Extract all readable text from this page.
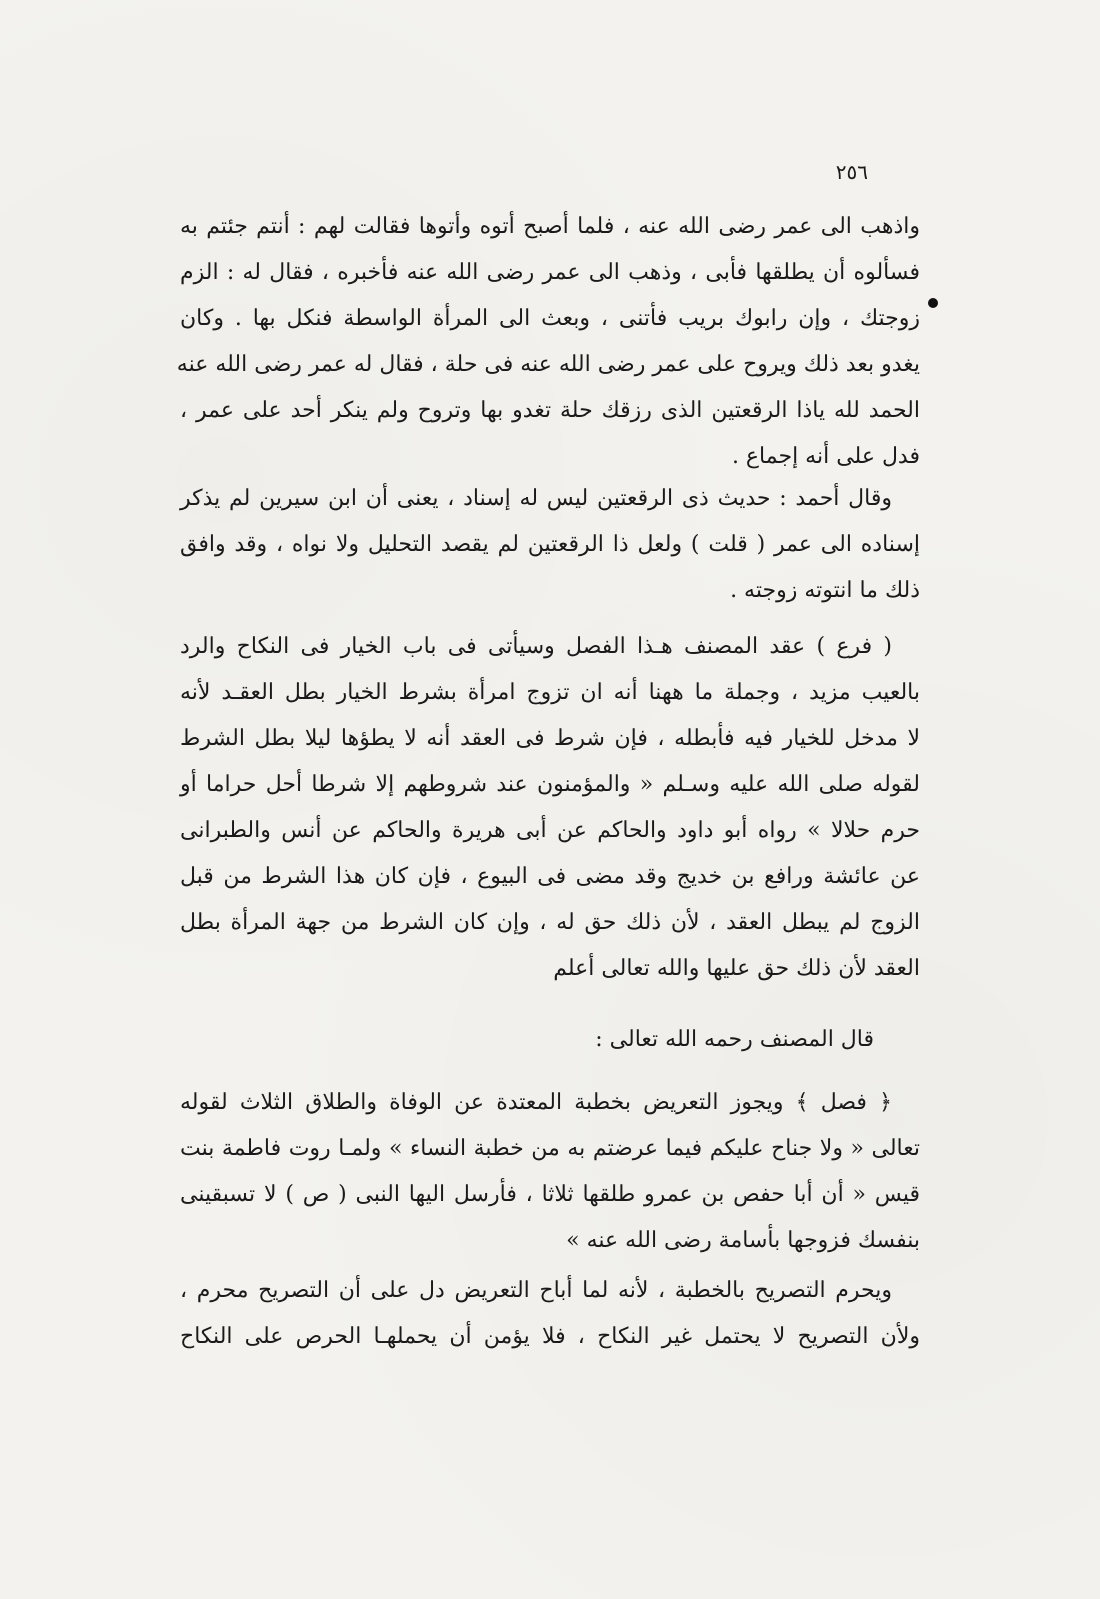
٢٥٦
واذهب الى عمر رضى الله عنه ، فلما أصبح أتوه وأتوها فقالت لهم : أنتم جئتم به
فسألوه أن يطلقها فأبى ، وذهب الى عمر رضى الله عنه فأخبره ، فقال له : الزم
زوجتك ، وإن رابوك بريب فأتنى ، وبعث الى المرأة الواسطة فنكل بها . وكان
يغدو بعد ذلك ويروح على عمر رضى الله عنه فى حلة ، فقال له عمر رضى الله عنه
الحمد لله ياذا الرقعتين الذى رزقك حلة تغدو بها وتروح ولم ينكر أحد على عمر ،
فدل على أنه إجماع .
وقال أحمد : حديث ذى الرقعتين ليس له إسناد ، يعنى أن ابن سيرين لم يذكر
إسناده الى عمر ( قلت ) ولعل ذا الرقعتين لم يقصد التحليل ولا نواه ، وقد وافق
ذلك ما انتوته زوجته .
( فرع ) عقد المصنف هـذا الفصل وسيأتى فى باب الخيار فى النكاح والرد
بالعيب مزيد ، وجملة ما ههنا أنه ان تزوج امرأة بشرط الخيار بطل العقـد لأنه
لا مدخل للخيار فيه فأبطله ، فإن شرط فى العقد أنه لا يطؤها ليلا بطل الشرط
لقوله صلى الله عليه وسـلم « والمؤمنون عند شروطهم إلا شرطا أحل حراما أو
حرم حلالا » رواه أبو داود والحاكم عن أبى هريرة والحاكم عن أنس والطبرانى
عن عائشة ورافع بن خديج وقد مضى فى البيوع ، فإن كان هذا الشرط من قبل
الزوج لم يبطل العقد ، لأن ذلك حق له ، وإن كان الشرط من جهة المرأة بطل
العقد لأن ذلك حق عليها والله تعالى أعلم
قال المصنف رحمه الله تعالى :
﴿ فصل ﴾ ويجوز التعريض بخطبة المعتدة عن الوفاة والطلاق الثلاث لقوله
تعالى « ولا جناح عليكم فيما عرضتم به من خطبة النساء » ولمـا روت فاطمة بنت
قيس « أن أبا حفص بن عمرو طلقها ثلاثا ، فأرسل اليها النبى ( ص ) لا تسبقينى
بنفسك فزوجها بأسامة رضى الله عنه »
ويحرم التصريح بالخطبة ، لأنه لما أباح التعريض دل على أن التصريح محرم ،
ولأن التصريح لا يحتمل غير النكاح ، فلا يؤمن أن يحملهـا الحرص على النكاح
